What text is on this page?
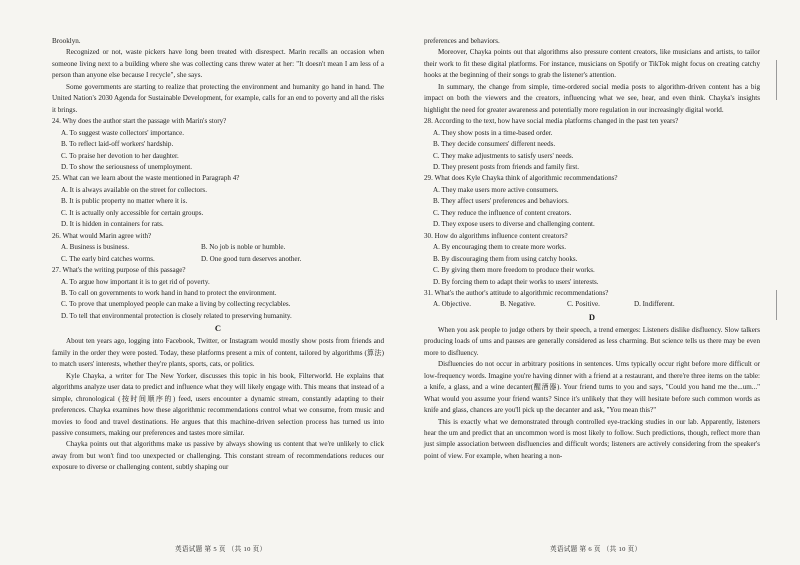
Brooklyn.

Recognized or not, waste pickers have long been treated with disrespect. Marin recalls an occasion when someone living next to a building where she was collecting cans threw water at her: "It doesn't mean I am less of a person than anyone else because I recycle", she says.

Some governments are starting to realize that protecting the environment and humanity go hand in hand. The United Nation's 2030 Agenda for Sustainable Development, for example, calls for an end to poverty and all the risks it brings.

24. Why does the author start the passage with Marin's story?

A. To suggest waste collectors' importance.

B. To reflect laid-off workers' hardship.

C. To praise her devotion to her daughter.

D. To show the seriousness of unemployment.

25. What can we learn about the waste mentioned in Paragraph 4?

A. It is always available on the street for collectors.

B. It is public property no matter where it is.

C. It is actually only accessible for certain groups.

D. It is hidden in containers for rats.

26. What would Marin agree with?

A. Business is business.	B. No job is noble or humble.
C. The early bird catches worms.	D. One good turn deserves another.

27. What's the writing purpose of this passage?

A. To argue how important it is to get rid of poverty.

B. To call on governments to work hand in hand to protect the environment.

C. To prove that unemployed people can make a living by collecting recyclables.

D. To tell that environmental protection is closely related to preserving humanity.

C

About ten years ago, logging into Facebook, Twitter, or Instagram would mostly show posts from friends and family in the order they were posted. Today, these platforms present a mix of content, tailored by algorithms (算法) to match users' interests, whether they're plants, sports, cats, or politics.

Kyle Chayka, a writer for The New Yorker, discusses this topic in his book, Filterworld. He explains that algorithms analyze user data to predict and influence what they will likely engage with. This means that instead of a simple, chronological (按时间顺序的) feed, users encounter a dynamic stream, constantly adapting to their preferences. Chayka examines how these algorithmic recommendations control what we consume, from music and movies to food and travel destinations. He argues that this machine-driven selection process has turned us into passive consumers, making our preferences and tastes more similar.

Chayka points out that algorithms make us passive by always showing us content that we're unlikely to click away from but won't find too unexpected or challenging. This constant stream of recommendations reduces our exposure to diverse or challenging content, subtly shaping our

preferences and behaviors.

Moreover, Chayka points out that algorithms also pressure content creators, like musicians and artists, to tailor their work to fit these digital platforms. For instance, musicians on Spotify or TikTok might focus on creating catchy hooks at the beginning of their songs to grab the listener's attention.

In summary, the change from simple, time-ordered social media posts to algorithm-driven content has a big impact on both the viewers and the creators, influencing what we see, hear, and even think. Chayka's insights highlight the need for greater awareness and potentially more regulation in our increasingly digital world.

28. According to the text, how have social media platforms changed in the past ten years?

A. They show posts in a time-based order.

B. They decide consumers' different needs.

C. They make adjustments to satisfy users' needs.

D. They present posts from friends and family first.

29. What does Kyle Chayka think of algorithmic recommendations?

A. They make users more active consumers.

B. They affect users' preferences and behaviors.

C. They reduce the influence of content creators.

D. They expose users to diverse and challenging content.

30. How do algorithms influence content creators?

A. By encouraging them to create more works.

B. By discouraging them from using catchy hooks.

C. By giving them more freedom to produce their works.

D. By forcing them to adapt their works to users' interests.

31. What's the author's attitude to algorithmic recommendations?

A. Objective.	B. Negative.	C. Positive.	D. Indifferent.
D

When you ask people to judge others by their speech, a trend emerges: Listeners dislike disfluency. Slow talkers producing loads of ums and pauses are generally considered as less charming. But science tells us there may be even more to disfluency.

Disfluencies do not occur in arbitrary positions in sentences. Ums typically occur right before more difficult or low-frequency words. Imagine you're having dinner with a friend at a restaurant, and there're three items on the table: a knife, a glass, and a wine decanter(醒酒器). Your friend turns to you and says, "Could you hand me the...um..." What would you assume your friend wants? Since it's unlikely that they will hesitate before such common words as knife and glass, chances are you'll pick up the decanter and ask, "You mean this?"

This is exactly what we demonstrated through controlled eye-tracking studies in our lab. Apparently, listeners hear the um and predict that an uncommon word is most likely to follow. Such predictions, though, reflect more than just simple association between disfluencies and difficult words; listeners are actively considering from the speaker's point of view. For example, when hearing a non-

英语试题 第 5 页 （共 10 页）	英语试题 第 6 页 （共 10 页）
